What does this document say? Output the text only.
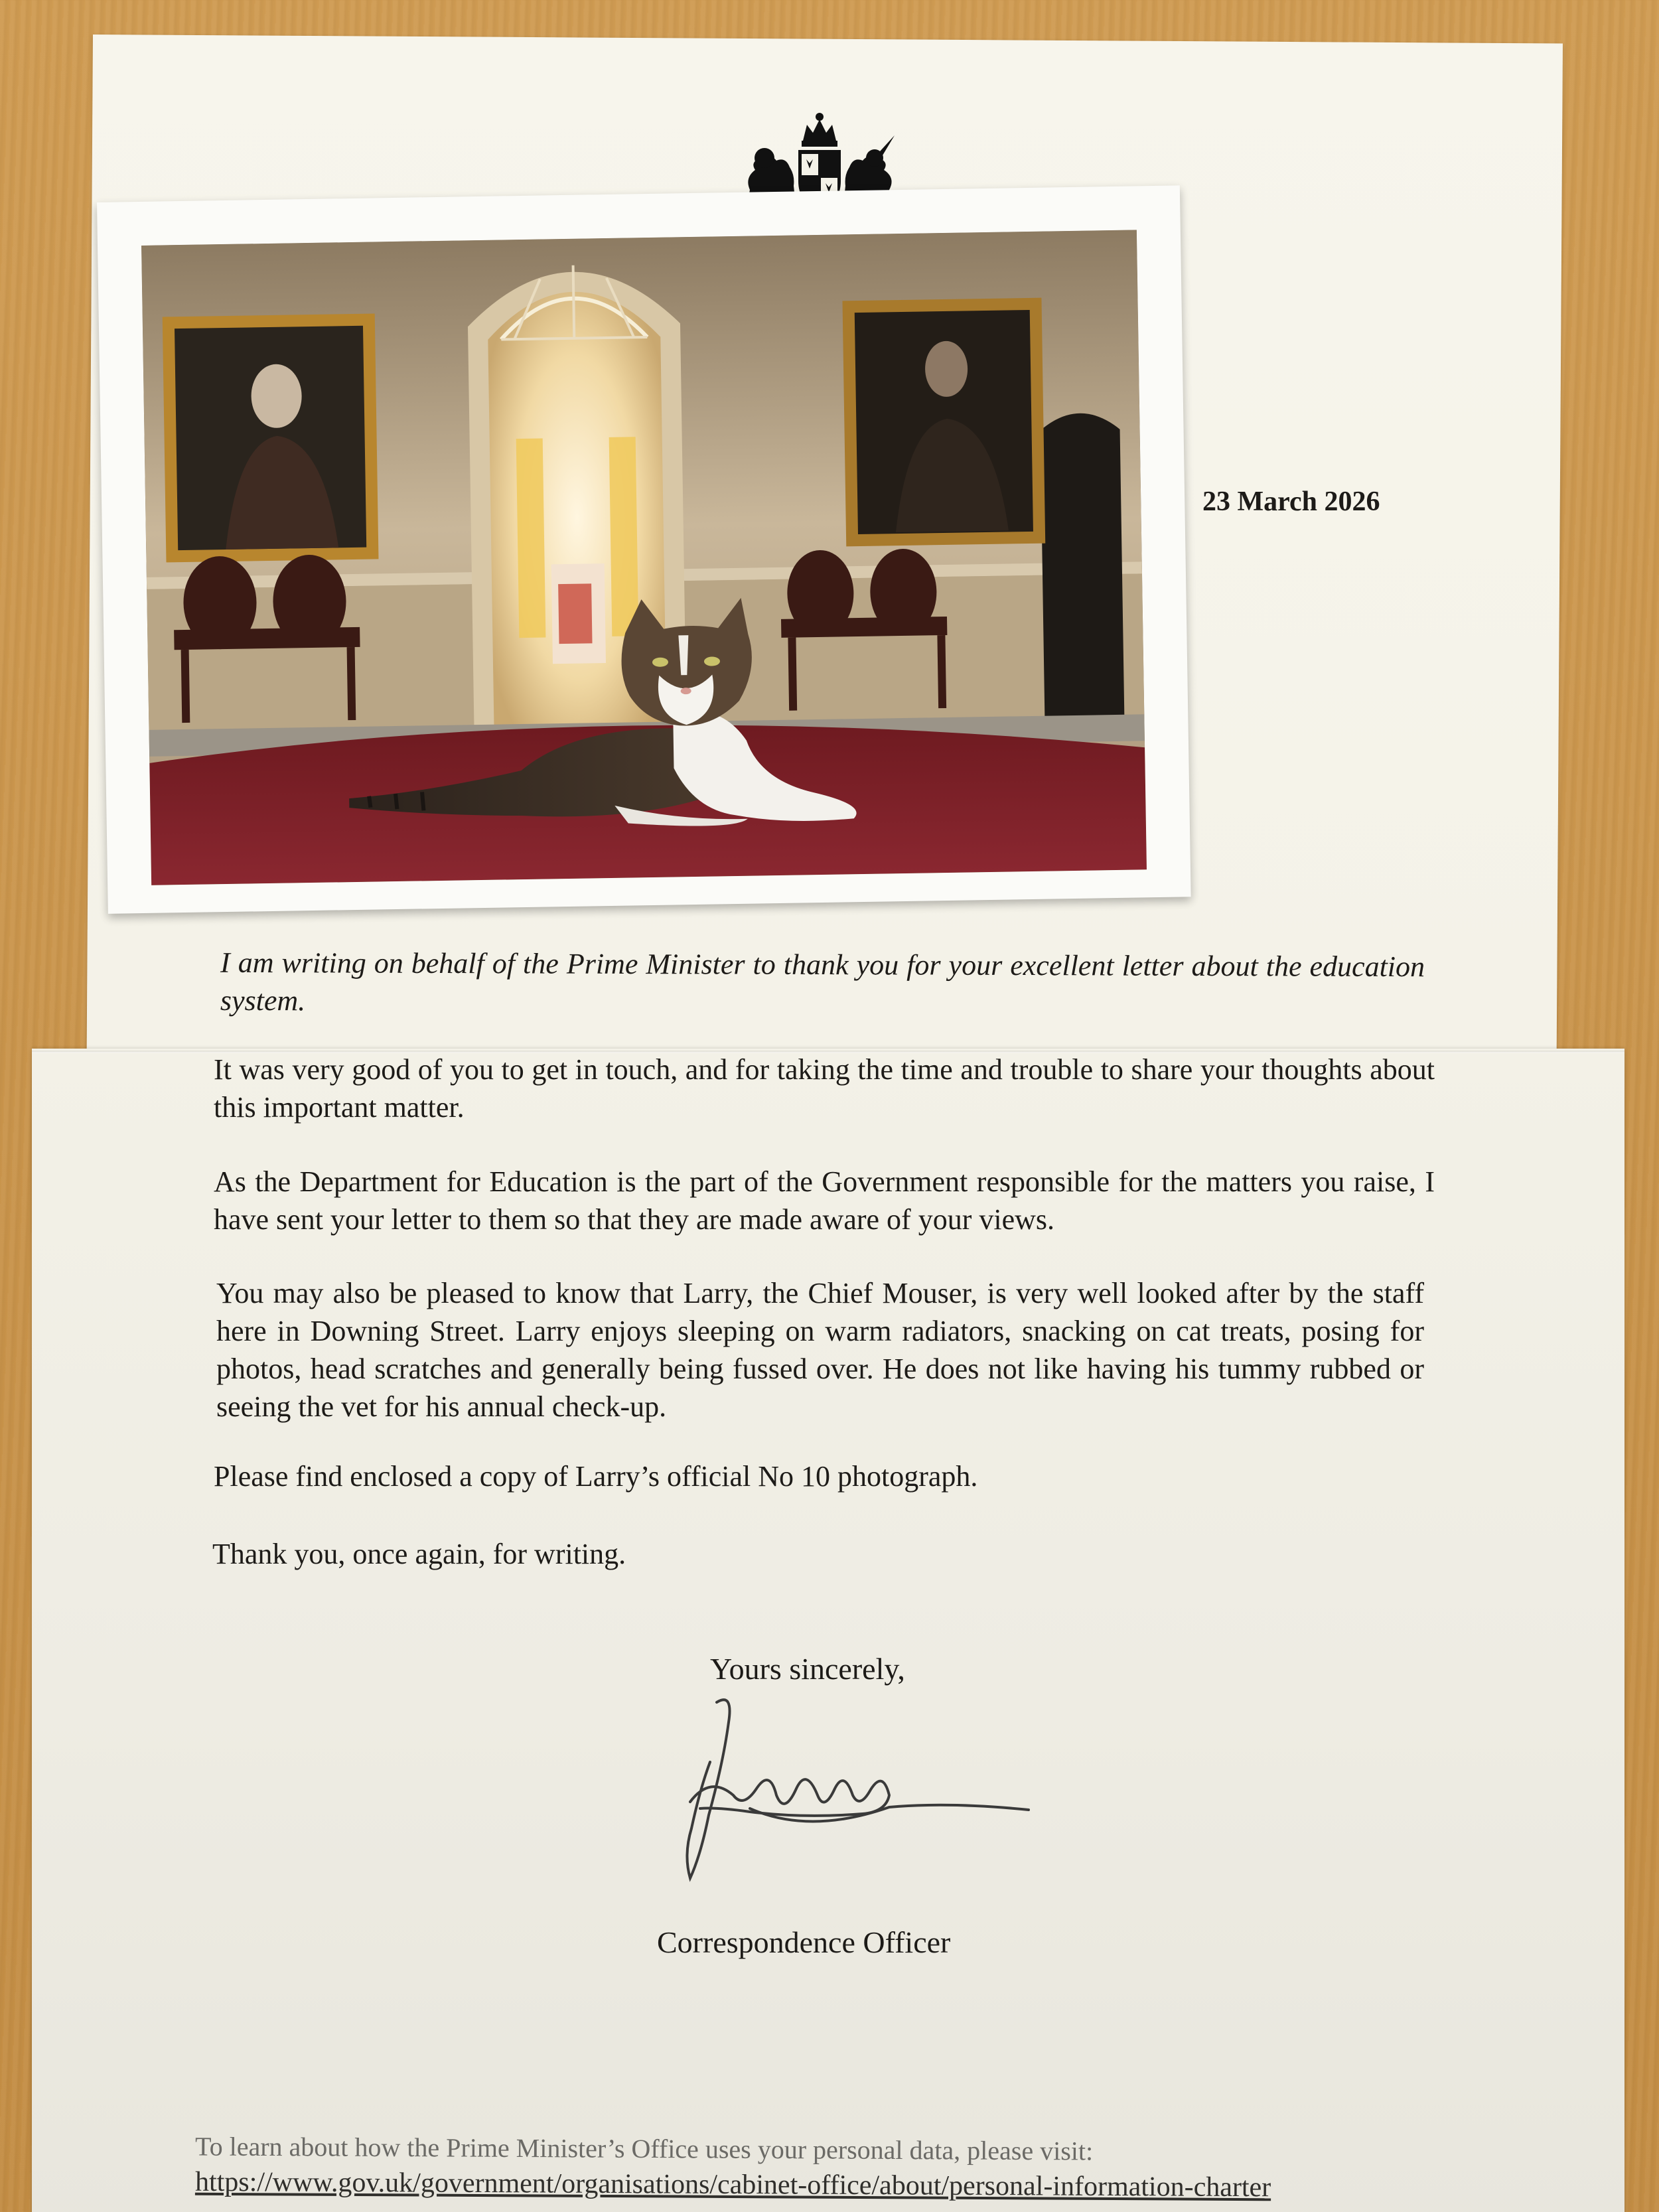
23 March 2026
I am writing on behalf of the Prime Minister to thank you for your excellent letter about the education system.
It was very good of you to get in touch, and for taking the time and trouble to share your thoughts about this important matter.
As the Department for Education is the part of the Government responsible for the matters you raise, I have sent your letter to them so that they are made aware of your views.
You may also be pleased to know that Larry, the Chief Mouser, is very well looked after by the staff here in Downing Street. Larry enjoys sleeping on warm radiators, snacking on cat treats, posing for photos, head scratches and generally being fussed over. He does not like having his tummy rubbed or seeing the vet for his annual check-up.
Please find enclosed a copy of Larry’s official No 10 photograph.
Thank you, once again, for writing.
Yours sincerely,
Correspondence Officer
To learn about how the Prime Minister’s Office uses your personal data, please visit:
https://www.gov.uk/government/organisations/cabinet-office/about/personal-information-charter
